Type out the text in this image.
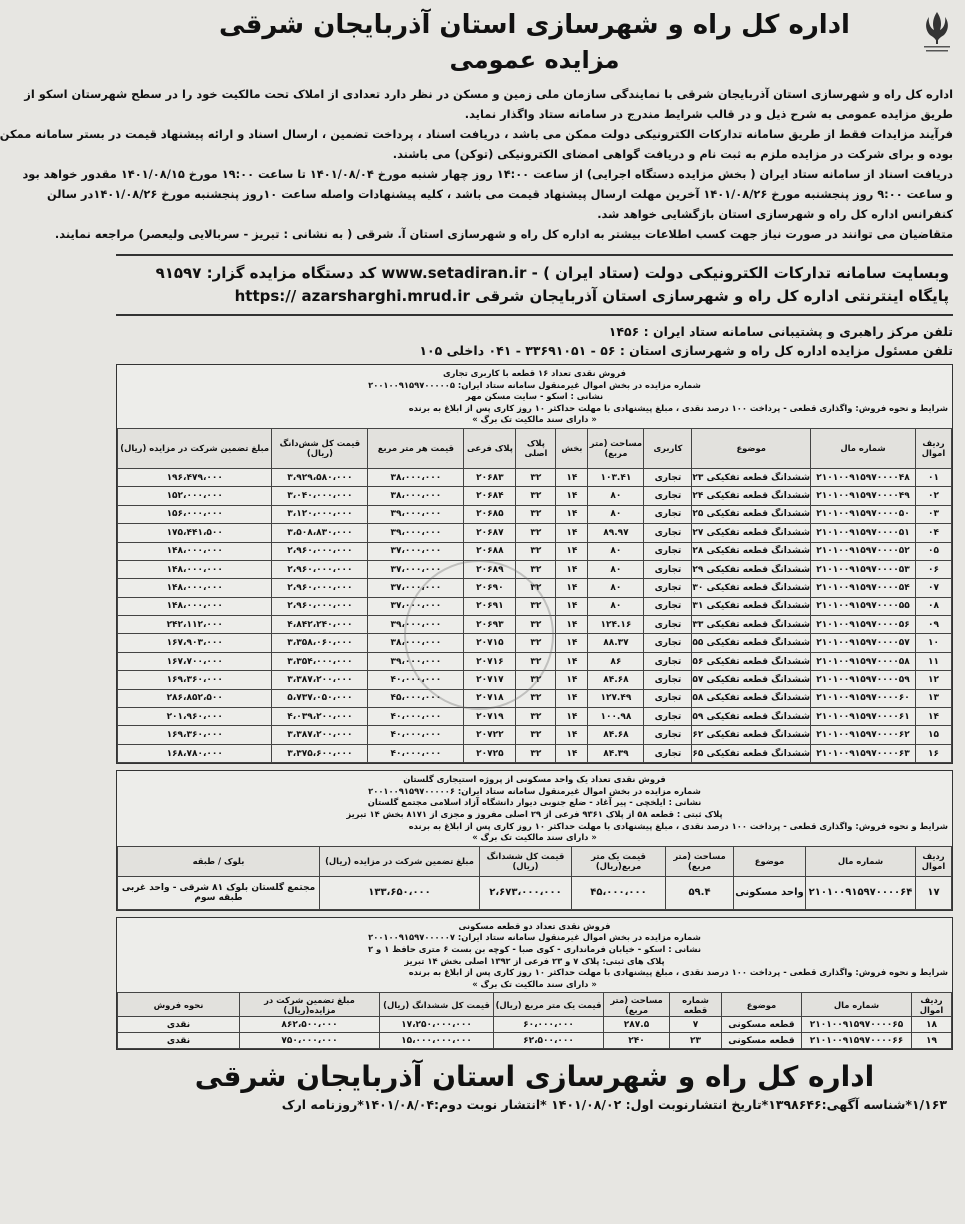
اداره کل راه و شهرسازی استان آذربایجان شرقی
مزایده عمومی

اداره کل راه و شهرسازی استان آذربایجان شرقی با نمایندگی سازمان ملی زمین و مسکن در نظر دارد تعدادی از املاک تحت مالکیت خود را در سطح شهرستان اسکو از

طریق مزایده عمومی به شرح ذیل و در قالب شرایط مندرج در سامانه ستاد واگذار نماید.

فرآیند مزایدات فقط از طریق سامانه تدارکات الکترونیکی دولت ممکن می باشد ، دریافت اسناد ، پرداخت تضمین ، ارسال اسناد و ارائه پیشنهاد قیمت در بستر سامانه ممکن

بوده و برای شرکت در مزایده ملزم به ثبت نام و دریافت گواهی امضای الکترونیکی (توکن) می باشند.

دریافت اسناد از سامانه ستاد ایران ( بخش مزایده دستگاه اجرایی) از ساعت ۱۴:۰۰ روز چهار شنبه مورخ ۱۴۰۱/۰۸/۰۴ تا ساعت ۱۹:۰۰ مورخ ۱۴۰۱/۰۸/۱۵ مقدور خواهد بود

و ساعت ۹:۰۰ روز پنجشنبه مورخ ۱۴۰۱/۰۸/۲۶ آخرین مهلت ارسال پیشنهاد قیمت می باشد ، کلیه پیشنهادات واصله ساعت ۱۰روز پنجشنبه مورخ ۱۴۰۱/۰۸/۲۶در سالن

کنفرانس اداره کل راه و شهرسازی استان بازگشایی خواهد شد.

متقاضیان می توانند در صورت نیاز جهت کسب اطلاعات بیشتر به اداره کل راه و شهرسازی استان آ. شرقی ( به نشانی : تبریز - سربالایی ولیعصر) مراجعه نمایند.

وبسایت سامانه تدارکات الکترونیکی دولت (ستاد ایران ) - www.setadiran.ir کد دستگاه مزایده گزار: ۹۱۵۹۷

پایگاه اینترنتی اداره کل راه و شهرسازی استان آذربایجان شرقی https:// azarsharghi.mrud.ir

تلفن مرکز راهبری و پشتیبانی سامانه ستاد ایران : ۱۴۵۶

تلفن مسئول مزایده اداره کل راه و شهرسازی استان : ۵۶ - ۳۳۶۹۱۰۵۱ - ۰۴۱ داخلی ۱۰۵

فروش نقدی تعداد ۱۶ قطعه با کاربری تجاری
شماره مزایده در بخش اموال غیرمنقول سامانه ستاد ایران: ۲۰۰۱۰۰۹۱۵۹۷۰۰۰۰۰۵
نشانی : اسکو - سایت مسکن مهر
شرایط و نحوه فروش: واگذاری قطعی - پرداخت ۱۰۰ درصد نقدی ، مبلغ پیشنهادی با مهلت حداکثر ۱۰ روز کاری پس از ابلاغ به برنده
« دارای سند مالکیت تک برگ »
ردیف اموال	شماره مال	موضوع	کاربری	مساحت (متر مربع)	بخش	پلاک اصلی	پلاک فرعی	قیمت هر متر مربع	قیمت کل شش‌دانگ (ریال)	مبلغ تضمین شرکت در مزایده (ریال)
۰۱	۲۱۰۱۰۰۹۱۵۹۷۰۰۰۰۴۸	ششدانگ قطعه تفکیکی ۲۳	تجاری	۱۰۳.۴۱	۱۴	۳۲	۲۰۶۸۳	۳۸،۰۰۰،۰۰۰	۳،۹۲۹،۵۸۰،۰۰۰	۱۹۶،۴۷۹،۰۰۰
۰۲	۲۱۰۱۰۰۹۱۵۹۷۰۰۰۰۴۹	ششدانگ قطعه تفکیکی ۲۴	تجاری	۸۰	۱۴	۳۲	۲۰۶۸۴	۳۸،۰۰۰،۰۰۰	۳،۰۴۰،۰۰۰،۰۰۰	۱۵۲،۰۰۰،۰۰۰
۰۳	۲۱۰۱۰۰۹۱۵۹۷۰۰۰۰۵۰	ششدانگ قطعه تفکیکی ۲۵	تجاری	۸۰	۱۴	۳۲	۲۰۶۸۵	۳۹،۰۰۰،۰۰۰	۳،۱۲۰،۰۰۰،۰۰۰	۱۵۶،۰۰۰،۰۰۰
۰۴	۲۱۰۱۰۰۹۱۵۹۷۰۰۰۰۵۱	ششدانگ قطعه تفکیکی ۲۷	تجاری	۸۹.۹۷	۱۴	۳۲	۲۰۶۸۷	۳۹،۰۰۰،۰۰۰	۳،۵۰۸،۸۳۰،۰۰۰	۱۷۵،۴۴۱،۵۰۰
۰۵	۲۱۰۱۰۰۹۱۵۹۷۰۰۰۰۵۲	ششدانگ قطعه تفکیکی ۲۸	تجاری	۸۰	۱۴	۳۲	۲۰۶۸۸	۳۷،۰۰۰،۰۰۰	۲،۹۶۰،۰۰۰،۰۰۰	۱۴۸،۰۰۰،۰۰۰
۰۶	۲۱۰۱۰۰۹۱۵۹۷۰۰۰۰۵۳	ششدانگ قطعه تفکیکی ۲۹	تجاری	۸۰	۱۴	۳۲	۲۰۶۸۹	۳۷،۰۰۰،۰۰۰	۲،۹۶۰،۰۰۰،۰۰۰	۱۴۸،۰۰۰،۰۰۰
۰۷	۲۱۰۱۰۰۹۱۵۹۷۰۰۰۰۵۴	ششدانگ قطعه تفکیکی ۳۰	تجاری	۸۰	۱۴	۳۲	۲۰۶۹۰	۳۷،۰۰۰،۰۰۰	۲،۹۶۰،۰۰۰،۰۰۰	۱۴۸،۰۰۰،۰۰۰
۰۸	۲۱۰۱۰۰۹۱۵۹۷۰۰۰۰۵۵	ششدانگ قطعه تفکیکی ۳۱	تجاری	۸۰	۱۴	۳۲	۲۰۶۹۱	۳۷،۰۰۰،۰۰۰	۲،۹۶۰،۰۰۰،۰۰۰	۱۴۸،۰۰۰،۰۰۰
۰۹	۲۱۰۱۰۰۹۱۵۹۷۰۰۰۰۵۶	ششدانگ قطعه تفکیکی ۳۳	تجاری	۱۲۴.۱۶	۱۴	۳۲	۲۰۶۹۳	۳۹،۰۰۰،۰۰۰	۴،۸۴۲،۲۴۰،۰۰۰	۲۴۲،۱۱۲،۰۰۰
۱۰	۲۱۰۱۰۰۹۱۵۹۷۰۰۰۰۵۷	ششدانگ قطعه تفکیکی ۵۵	تجاری	۸۸.۳۷	۱۴	۳۲	۲۰۷۱۵	۳۸،۰۰۰،۰۰۰	۳،۳۵۸،۰۶۰،۰۰۰	۱۶۷،۹۰۳،۰۰۰
۱۱	۲۱۰۱۰۰۹۱۵۹۷۰۰۰۰۵۸	ششدانگ قطعه تفکیکی ۵۶	تجاری	۸۶	۱۴	۳۲	۲۰۷۱۶	۳۹،۰۰۰،۰۰۰	۳،۳۵۴،۰۰۰،۰۰۰	۱۶۷،۷۰۰،۰۰۰
۱۲	۲۱۰۱۰۰۹۱۵۹۷۰۰۰۰۵۹	ششدانگ قطعه تفکیکی ۵۷	تجاری	۸۴.۶۸	۱۴	۳۲	۲۰۷۱۷	۴۰،۰۰۰،۰۰۰	۳،۳۸۷،۲۰۰،۰۰۰	۱۶۹،۳۶۰،۰۰۰
۱۳	۲۱۰۱۰۰۹۱۵۹۷۰۰۰۰۶۰	ششدانگ قطعه تفکیکی ۵۸	تجاری	۱۲۷.۴۹	۱۴	۳۲	۲۰۷۱۸	۴۵،۰۰۰،۰۰۰	۵،۷۳۷،۰۵۰،۰۰۰	۲۸۶،۸۵۲،۵۰۰
۱۴	۲۱۰۱۰۰۹۱۵۹۷۰۰۰۰۶۱	ششدانگ قطعه تفکیکی ۵۹	تجاری	۱۰۰.۹۸	۱۴	۳۲	۲۰۷۱۹	۴۰،۰۰۰،۰۰۰	۴،۰۳۹،۲۰۰،۰۰۰	۲۰۱،۹۶۰،۰۰۰
۱۵	۲۱۰۱۰۰۹۱۵۹۷۰۰۰۰۶۲	ششدانگ قطعه تفکیکی ۶۲	تجاری	۸۴.۶۸	۱۴	۳۲	۲۰۷۲۲	۴۰،۰۰۰،۰۰۰	۳،۳۸۷،۲۰۰،۰۰۰	۱۶۹،۳۶۰،۰۰۰
۱۶	۲۱۰۱۰۰۹۱۵۹۷۰۰۰۰۶۳	ششدانگ قطعه تفکیکی ۶۵	تجاری	۸۴.۳۹	۱۴	۳۲	۲۰۷۲۵	۴۰،۰۰۰،۰۰۰	۳،۳۷۵،۶۰۰،۰۰۰	۱۶۸،۷۸۰،۰۰۰
فروش نقدی تعداد یک واحد مسکونی از پروژه استیجاری گلستان
شماره مزایده در بخش اموال غیرمنقول سامانه ستاد ایران: ۲۰۰۱۰۰۹۱۵۹۷۰۰۰۰۰۶
نشانی : ایلخچی - پیر آغاد - ضلع جنوبی دیوار دانشگاه آزاد اسلامی مجتمع گلستان
پلاک ثبتی : قطعه ۵۸ از پلاک ۹۳۶۱ فرعی از ۲۹ اصلی مفروز و مجزی از ۸۱۷۱ بخش ۱۴ تبریز
شرایط و نحوه فروش: واگذاری قطعی - پرداخت ۱۰۰ درصد نقدی ، مبلغ پیشنهادی با مهلت حداکثر ۱۰ روز کاری پس از ابلاغ به برنده
« دارای سند مالکیت تک برگ »
ردیف اموال	شماره مال	موضوع	مساحت (متر مربع)	قیمت یک متر مربع(ریال)	قیمت کل ششدانگ (ریال)	مبلغ تضمین شرکت در مزایده (ریال)	بلوک / طبقه
۱۷	۲۱۰۱۰۰۹۱۵۹۷۰۰۰۰۶۴	واحد مسکونی	۵۹.۴	۴۵،۰۰۰،۰۰۰	۲،۶۷۳،۰۰۰،۰۰۰	۱۳۳،۶۵۰،۰۰۰	مجتمع گلستان بلوک ۸۱ شرقی - واحد غربی طبقه سوم
فروش نقدی تعداد دو قطعه مسکونی
شماره مزایده در بخش اموال غیرمنقول سامانه ستاد ایران: ۲۰۰۱۰۰۹۱۵۹۷۰۰۰۰۰۷
نشانی : اسکو - خیابان فرمانداری - کوی صبا - کوچه بن بست ۶ متری حافظ ۱ و ۲
پلاک های ثبتی: پلاک ۷ و ۲۳ فرعی از ۱۳۹۲ اصلی بخش ۱۴ تبریز
شرایط و نحوه فروش: واگذاری قطعی - پرداخت ۱۰۰ درصد نقدی ، مبلغ پیشنهادی با مهلت حداکثر ۱۰ روز کاری پس از ابلاغ به برنده
« دارای سند مالکیت تک برگ »
ردیف اموال	شماره مال	موضوع	شماره قطعه	مساحت (متر مربع)	قیمت یک متر مربع (ریال)	قیمت کل ششدانگ (ریال)	مبلغ تضمین شرکت در مزایده(ریال)	نحوه فروش
۱۸	۲۱۰۱۰۰۹۱۵۹۷۰۰۰۰۶۵	قطعه مسکونی	۷	۲۸۷.۵	۶۰،۰۰۰،۰۰۰	۱۷،۲۵۰،۰۰۰،۰۰۰	۸۶۲،۵۰۰،۰۰۰	نقدی
۱۹	۲۱۰۱۰۰۹۱۵۹۷۰۰۰۰۶۶	قطعه مسکونی	۲۳	۲۴۰	۶۲،۵۰۰،۰۰۰	۱۵،۰۰۰،۰۰۰،۰۰۰	۷۵۰،۰۰۰،۰۰۰	نقدی
اداره کل راه و شهرسازی استان آذربایجان شرقی
۱/۱۶۳*شناسه آگهی:۱۳۹۸۶۴۶*تاریخ انتشارنوبت اول: ۱۴۰۱/۰۸/۰۲ *انتشار نوبت دوم:۱۴۰۱/۰۸/۰۴*روزنامه ارک
